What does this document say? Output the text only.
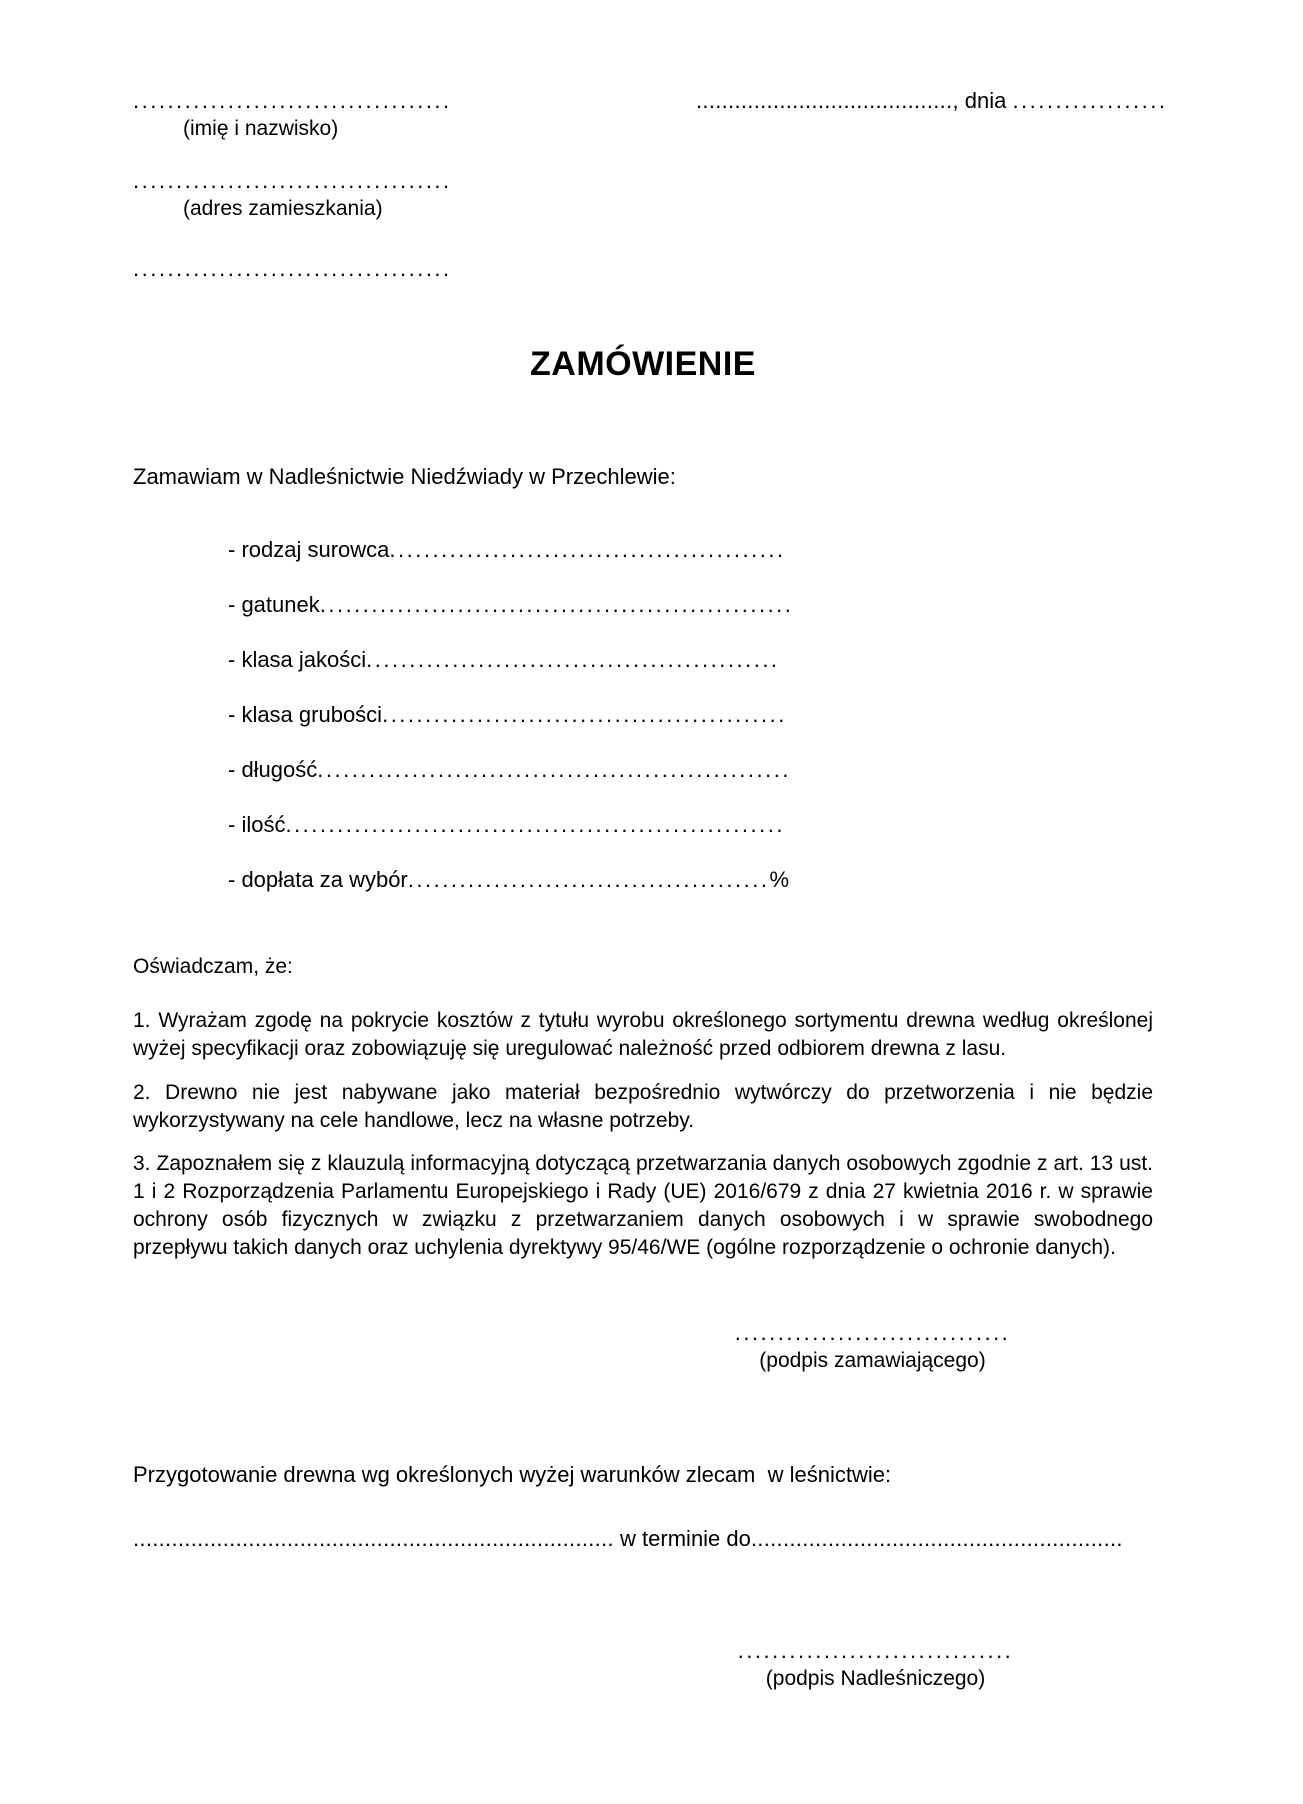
.....................................
(imię i nazwisko)
.....................................
(adres zamieszkania)
.....................................
........................................, dnia ..................
ZAMÓWIENIE
Zamawiam w Nadleśnictwie Niedźwiady w Przechlewie:
- rodzaj surowca..............................................
- gatunek.......................................................
- klasa jakości................................................
- klasa grubości...............................................
- długość.......................................................
- ilość..........................................................
- dopłata za wybór..........................................%
Oświadczam, że:
1. Wyrażam zgodę na pokrycie kosztów z tytułu wyrobu określonego sortymentu drewna według określonej wyżej specyfikacji oraz zobowiązuję się uregulować należność przed odbiorem drewna z lasu.
2. Drewno nie jest nabywane jako materiał bezpośrednio wytwórczy do przetworzenia i nie będzie wykorzystywany na cele handlowe, lecz na własne potrzeby.
3. Zapoznałem się z klauzulą informacyjną dotyczącą przetwarzania danych osobowych zgodnie z art. 13 ust. 1 i 2 Rozporządzenia Parlamentu Europejskiego i Rady (UE) 2016/679 z dnia 27 kwietnia 2016 r. w sprawie ochrony osób fizycznych w związku z przetwarzaniem danych osobowych i w sprawie swobodnego przepływu takich danych oraz uchylenia dyrektywy 95/46/WE (ogólne rozporządzenie o ochronie danych).
................................
(podpis zamawiającego)
Przygotowanie drewna wg określonych wyżej warunków zlecam  w leśnictwie:
........................................................................... w terminie do..........................................................
................................
(podpis Nadleśniczego)
